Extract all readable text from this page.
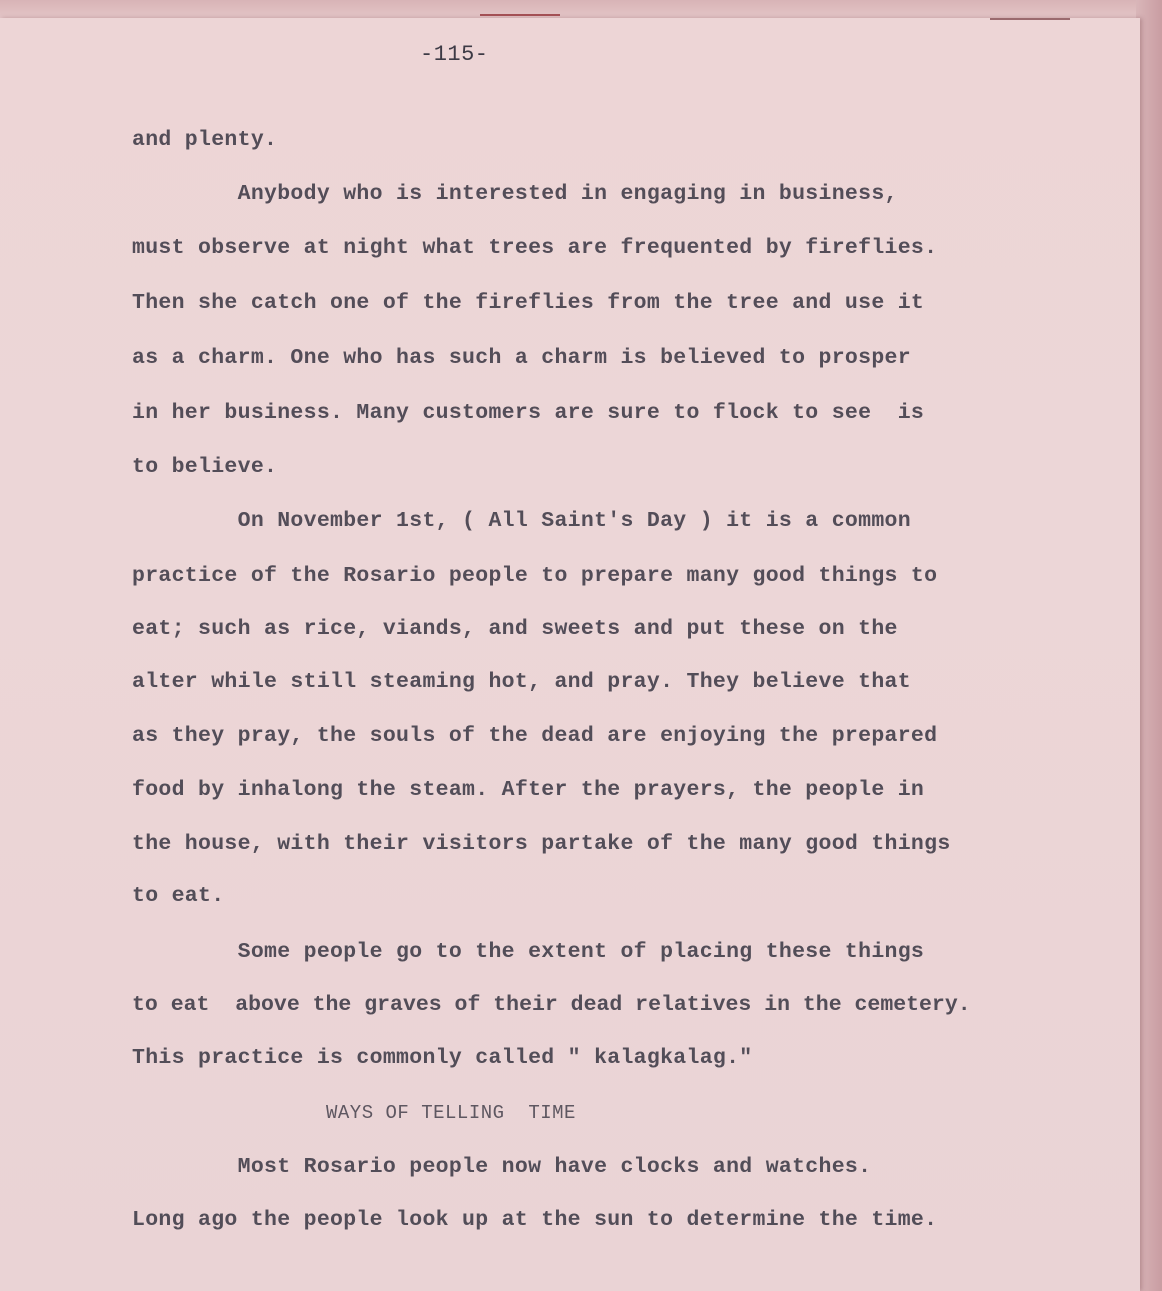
-115-
and plenty.
Anybody who is interested in engaging in business,
must observe at night what trees are frequented by fireflies.
Then she catch one of the fireflies from the tree and use it
as a charm. One who has such a charm is believed to prosper
in her business. Many customers are sure to flock to see  is
to believe.
On November 1st, ( All Saint's Day ) it is a common
practice of the Rosario people to prepare many good things to
eat; such as rice, viands, and sweets and put these on the
alter while still steaming hot, and pray. They believe that
as they pray, the souls of the dead are enjoying the prepared
food by inhalong the steam. After the prayers, the people in
the house, with their visitors partake of the many good things
to eat.
Some people go to the extent of placing these things
to eat  above the graves of their dead relatives in the cemetery.
This practice is commonly called " kalagkalag."
WAYS OF TELLING  TIME
Most Rosario people now have clocks and watches.
Long ago the people look up at the sun to determine the time.
